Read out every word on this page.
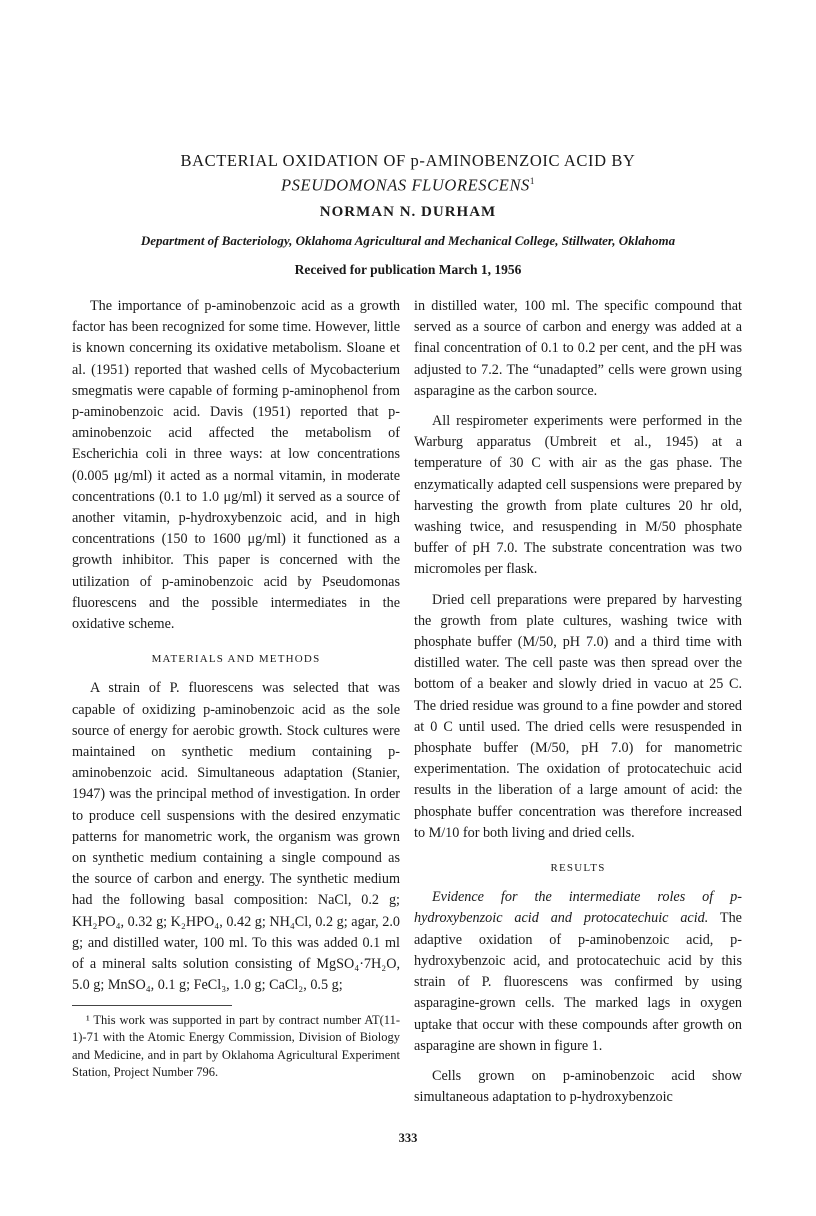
BACTERIAL OXIDATION OF p-AMINOBENZOIC ACID BY
PSEUDOMONAS FLUORESCENS$^1$
NORMAN N. DURHAM
Department of Bacteriology, Oklahoma Agricultural and Mechanical College, Stillwater, Oklahoma
Received for publication March 1, 1956

The importance of p-aminobenzoic acid as a growth factor has been recognized for some time. However, little is known concerning its oxidative metabolism. Sloane et al. (1951) reported that washed cells of Mycobacterium smegmatis were capable of forming p-aminophenol from p-aminobenzoic acid. Davis (1951) reported that p-aminobenzoic acid affected the metabolism of Escherichia coli in three ways: at low concentrations (0.005 μg/ml) it acted as a normal vitamin, in moderate concentrations (0.1 to 1.0 μg/ml) it served as a source of another vitamin, p-hydroxybenzoic acid, and in high concentrations (150 to 1600 μg/ml) it functioned as a growth inhibitor. This paper is concerned with the utilization of p-aminobenzoic acid by Pseudomonas fluorescens and the possible intermediates in the oxidative scheme.

MATERIALS AND METHODS

A strain of P. fluorescens was selected that was capable of oxidizing p-aminobenzoic acid as the sole source of energy for aerobic growth. Stock cultures were maintained on synthetic medium containing p-aminobenzoic acid. Simultaneous adaptation (Stanier, 1947) was the principal method of investigation. In order to produce cell suspensions with the desired enzymatic patterns for manometric work, the organism was grown on synthetic medium containing a single compound as the source of carbon and energy. The synthetic medium had the following basal composition: NaCl, 0.2 g; KH₂PO₄, 0.32 g; K₂HPO₄, 0.42 g; NH₄Cl, 0.2 g; agar, 2.0 g; and distilled water, 100 ml. To this was added 0.1 ml of a mineral salts solution consisting of MgSO₄·7H₂O, 5.0 g; MnSO₄, 0.1 g; FeCl₃, 1.0 g; CaCl₂, 0.5 g;

¹ This work was supported in part by contract number AT(11-1)-71 with the Atomic Energy Commission, Division of Biology and Medicine, and in part by Oklahoma Agricultural Experiment Station, Project Number 796.

in distilled water, 100 ml. The specific compound that served as a source of carbon and energy was added at a final concentration of 0.1 to 0.2 per cent, and the pH was adjusted to 7.2. The “unadapted” cells were grown using asparagine as the carbon source.

All respirometer experiments were performed in the Warburg apparatus (Umbreit et al., 1945) at a temperature of 30 C with air as the gas phase. The enzymatically adapted cell suspensions were prepared by harvesting the growth from plate cultures 20 hr old, washing twice, and resuspending in M/50 phosphate buffer of pH 7.0. The substrate concentration was two micromoles per flask.

Dried cell preparations were prepared by harvesting the growth from plate cultures, washing twice with phosphate buffer (M/50, pH 7.0) and a third time with distilled water. The cell paste was then spread over the bottom of a beaker and slowly dried in vacuo at 25 C. The dried residue was ground to a fine powder and stored at 0 C until used. The dried cells were resuspended in phosphate buffer (M/50, pH 7.0) for manometric experimentation. The oxidation of protocatechuic acid results in the liberation of a large amount of acid: the phosphate buffer concentration was therefore increased to M/10 for both living and dried cells.

RESULTS

Evidence for the intermediate roles of p-hydroxybenzoic acid and protocatechuic acid. The adaptive oxidation of p-aminobenzoic acid, p-hydroxybenzoic acid, and protocatechuic acid by this strain of P. fluorescens was confirmed by using asparagine-grown cells. The marked lags in oxygen uptake that occur with these compounds after growth on asparagine are shown in figure 1.

Cells grown on p-aminobenzoic acid show simultaneous adaptation to p-hydroxybenzoic

333
